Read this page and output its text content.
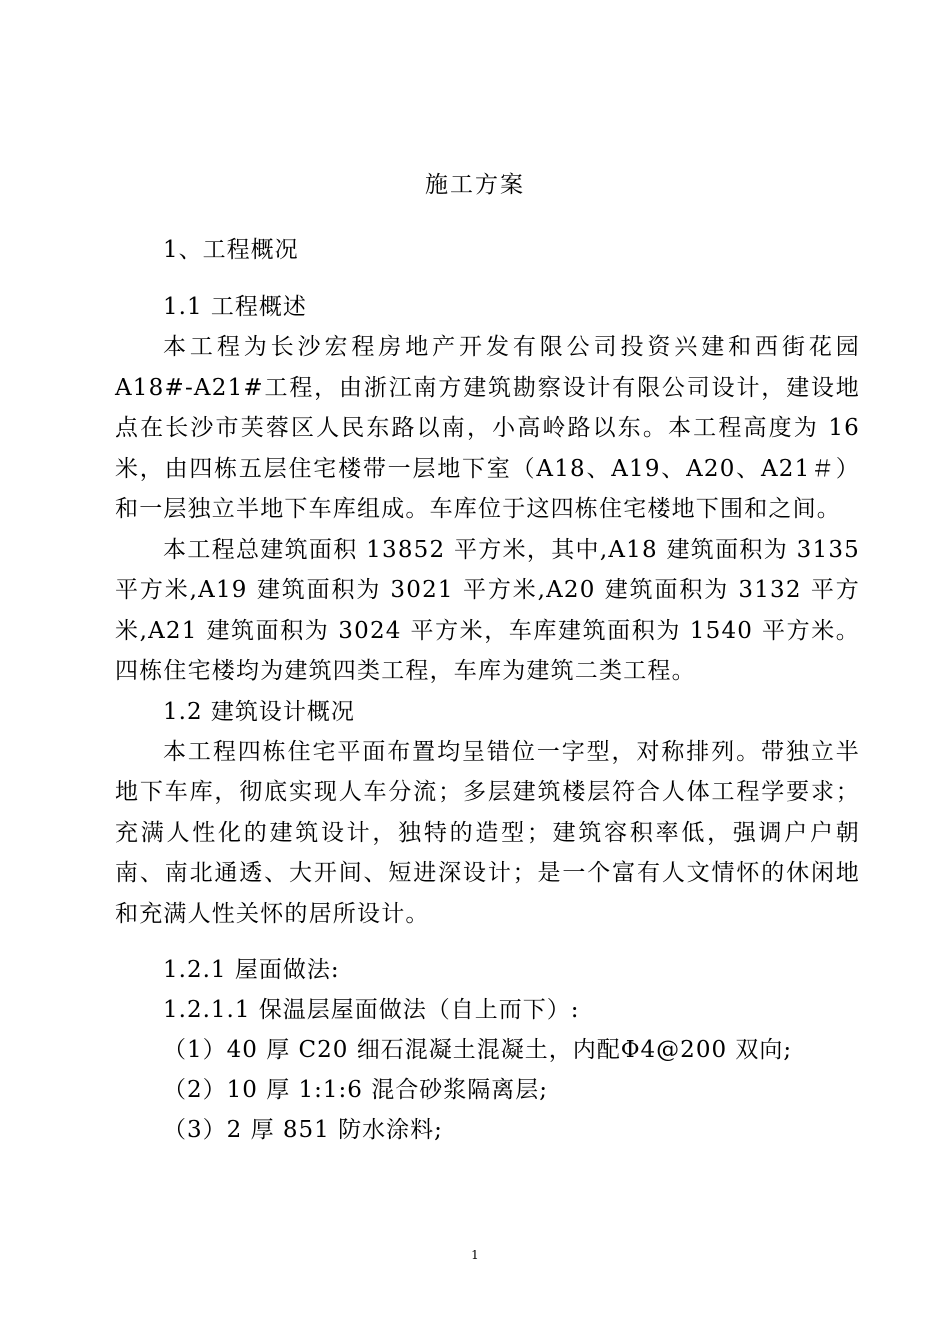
施工方案

1、工程概况

1.1 工程概述

本工程为长沙宏程房地产开发有限公司投资兴建和西街花园A18#-A21#工程，由浙江南方建筑勘察设计有限公司设计，建设地点在长沙市芙蓉区人民东路以南，小高岭路以东。本工程高度为 16 米，由四栋五层住宅楼带一层地下室（A18、A19、A20、A21＃）和一层独立半地下车库组成。车库位于这四栋住宅楼地下围和之间。

本工程总建筑面积 13852 平方米，其中,A18 建筑面积为 3135 平方米,A19 建筑面积为 3021 平方米,A20 建筑面积为 3132 平方米,A21 建筑面积为 3024 平方米，车库建筑面积为 1540 平方米。四栋住宅楼均为建筑四类工程，车库为建筑二类工程。

1.2 建筑设计概况

本工程四栋住宅平面布置均呈错位一字型，对称排列。带独立半地下车库，彻底实现人车分流；多层建筑楼层符合人体工程学要求；充满人性化的建筑设计，独特的造型；建筑容积率低，强调户户朝南、南北通透、大开间、短进深设计；是一个富有人文情怀的休闲地和充满人性关怀的居所设计。

1.2.1 屋面做法:

1.2.1.1 保温层屋面做法（自上而下）:

（1）40 厚 C20 细石混凝土混凝土，内配Φ4@200 双向;

（2）10 厚 1:1:6 混合砂浆隔离层;

（3）2 厚 851 防水涂料;

1
